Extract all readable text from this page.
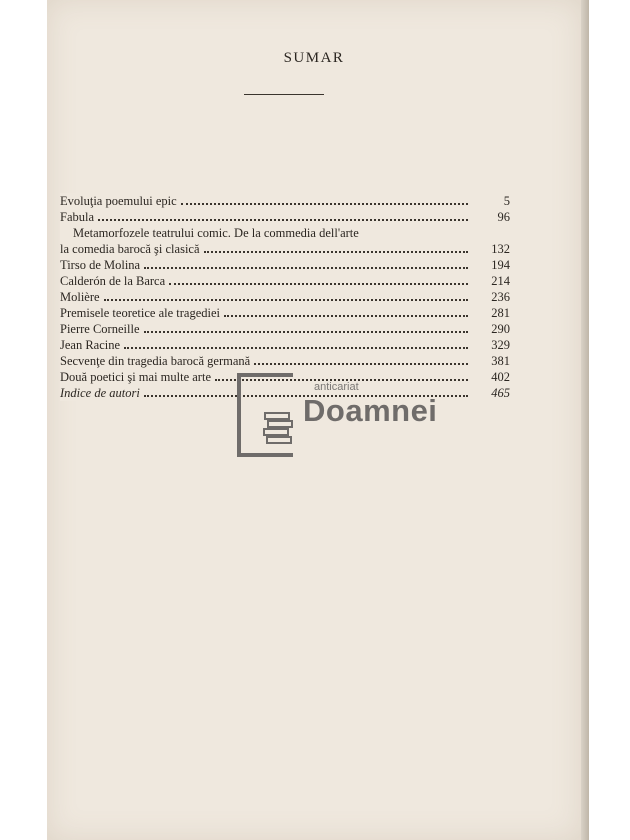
SUMAR
Evoluţia poemului epic	5
Fabula	96
Metamorfozele teatrului comic. De la commedia dell'arte
la comedia barocă şi clasică	132
Tirso de Molina	194
Calderón de la Barca	214
Molière	236
Premisele teoretice ale tragediei	281
Pierre Corneille	290
Jean Racine	329
Secvenţe din tragedia barocă germană	381
Două poetici şi mai multe arte	402
Indice de autori	465
anticariat
Doamnei
